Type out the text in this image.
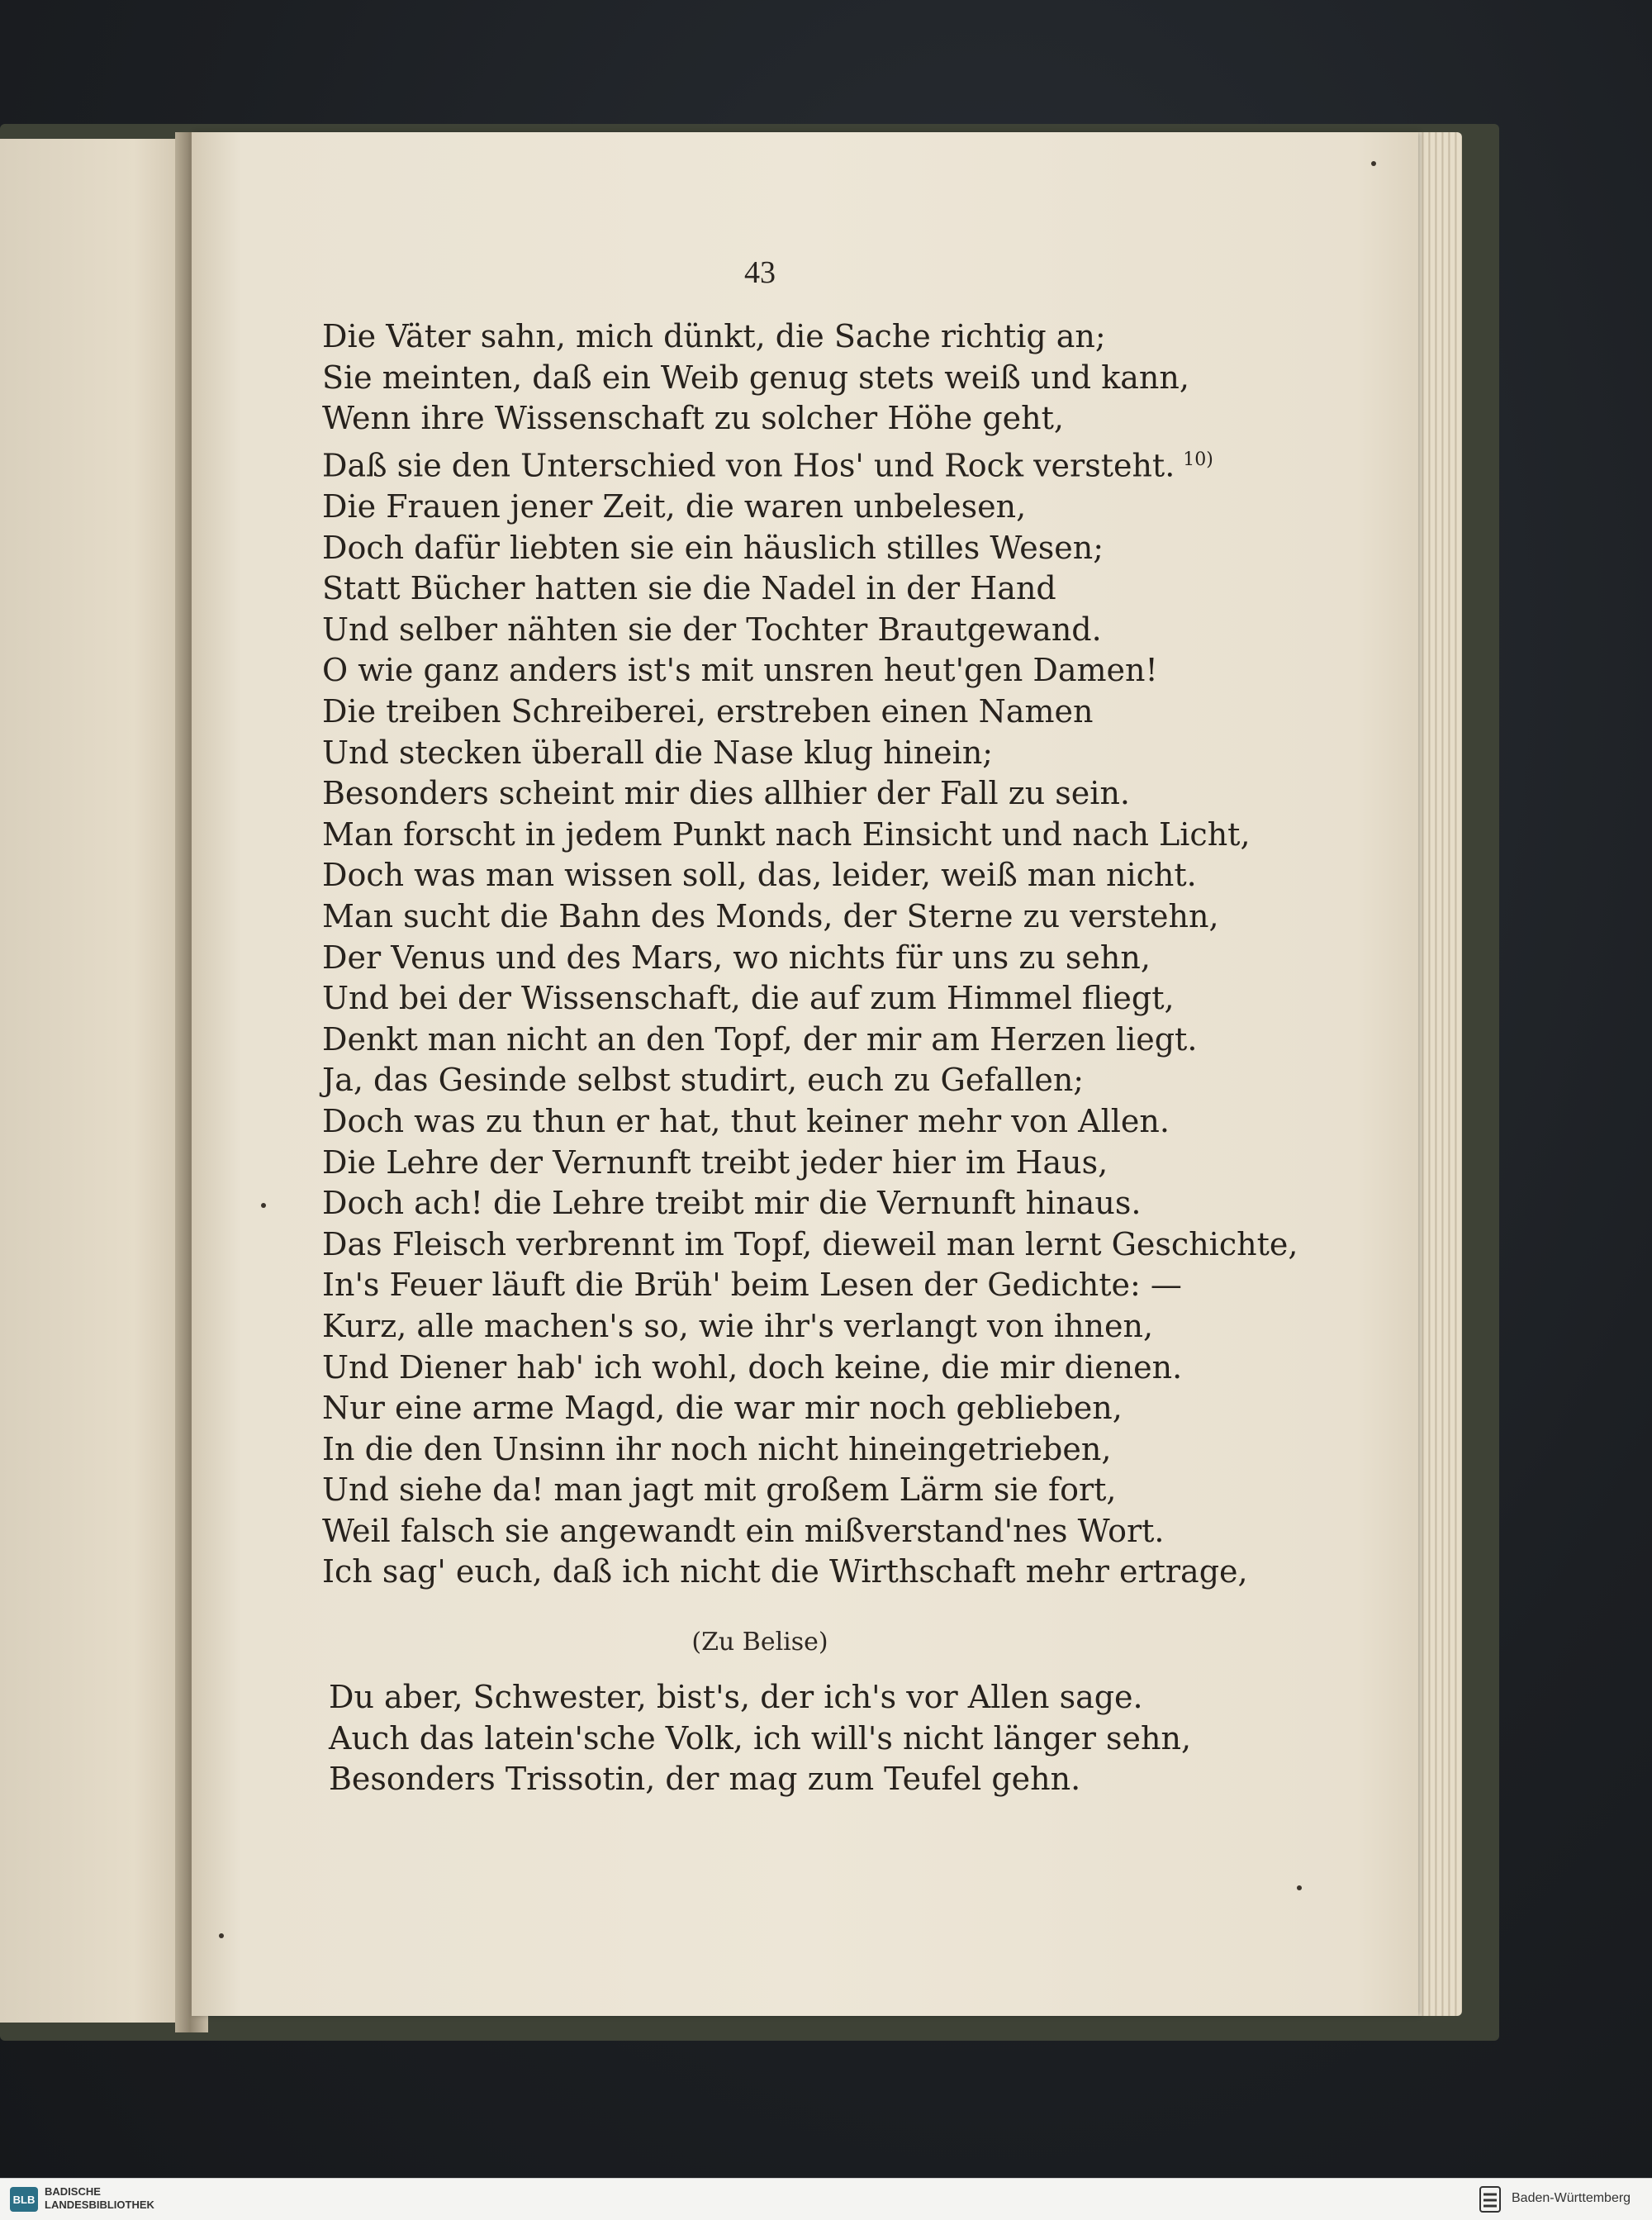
43
Die Väter sahn, mich dünkt, die Sache richtig an;
Sie meinten, daß ein Weib genug stets weiß und kann,
Wenn ihre Wissenschaft zu solcher Höhe geht,
Daß sie den Unterschied von Hos' und Rock versteht. $^{10)}$
Die Frauen jener Zeit, die waren unbelesen,
Doch dafür liebten sie ein häuslich stilles Wesen;
Statt Bücher hatten sie die Nadel in der Hand
Und selber nähten sie der Tochter Brautgewand.
O wie ganz anders ist's mit unsren heut'gen Damen!
Die treiben Schreiberei, erstreben einen Namen
Und stecken überall die Nase klug hinein;
Besonders scheint mir dies allhier der Fall zu sein.
Man forscht in jedem Punkt nach Einsicht und nach Licht,
Doch was man wissen soll, das, leider, weiß man nicht.
Man sucht die Bahn des Monds, der Sterne zu verstehn,
Der Venus und des Mars, wo nichts für uns zu sehn,
Und bei der Wissenschaft, die auf zum Himmel fliegt,
Denkt man nicht an den Topf, der mir am Herzen liegt.
Ja, das Gesinde selbst studirt, euch zu Gefallen;
Doch was zu thun er hat, thut keiner mehr von Allen.
Die Lehre der Vernunft treibt jeder hier im Haus,
Doch ach! die Lehre treibt mir die Vernunft hinaus.
Das Fleisch verbrennt im Topf, dieweil man lernt Geschichte,
In's Feuer läuft die Brüh' beim Lesen der Gedichte: —
Kurz, alle machen's so, wie ihr's verlangt von ihnen,
Und Diener hab' ich wohl, doch keine, die mir dienen.
Nur eine arme Magd, die war mir noch geblieben,
In die den Unsinn ihr noch nicht hineingetrieben,
Und siehe da! man jagt mit großem Lärm sie fort,
Weil falsch sie angewandt ein mißverstand'nes Wort.
Ich sag' euch, daß ich nicht die Wirthschaft mehr ertrage,
(Zu Belise)
Du aber, Schwester, bist's, der ich's vor Allen sage.
Auch das latein'sche Volk, ich will's nicht länger sehn,
Besonders Trissotin, der mag zum Teufel gehn.
BLB
BADISCHE
LANDESBIBLIOTHEK	Baden-Württemberg
